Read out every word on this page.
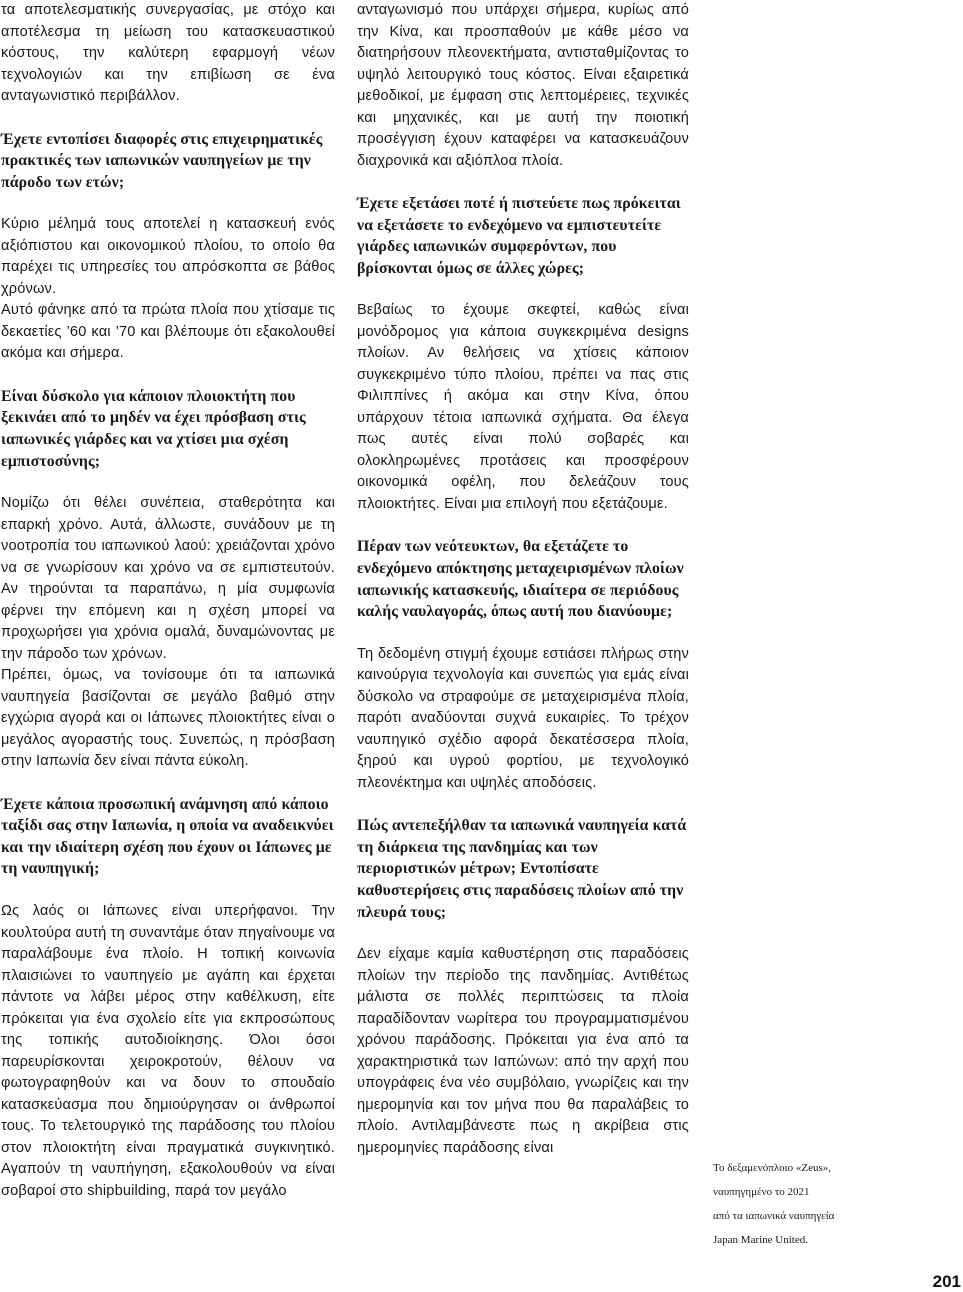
τα αποτελεσματικής συνεργασίας, με στόχο και αποτέλεσμα τη μείωση του κατασκευαστικού κόστους, την καλύτερη εφαρμογή νέων τεχνολογιών και την επιβίωση σε ένα ανταγωνιστικό περιβάλλον.

Έχετε εντοπίσει διαφορές στις επιχειρηματικές πρακτικές των ιαπωνικών ναυπηγείων με την πάροδο των ετών;

Κύριο μέλημά τους αποτελεί η κατασκευή ενός αξιόπιστου και οικονομικού πλοίου, το οποίο θα παρέχει τις υπηρεσίες του απρόσκοπτα σε βάθος χρόνων.

Αυτό φάνηκε από τα πρώτα πλοία που χτίσαμε τις δεκαετίες ’60 και ’70 και βλέπουμε ότι εξακολουθεί ακόμα και σήμερα.

Είναι δύσκολο για κάποιον πλοιοκτήτη που ξεκινάει από το μηδέν να έχει πρόσβαση στις ιαπωνικές γιάρδες και να χτίσει μια σχέση εμπιστοσύνης;

Νομίζω ότι θέλει συνέπεια, σταθερότητα και επαρκή χρόνο. Αυτά, άλλωστε, συνάδουν με τη νοοτροπία του ιαπωνικού λαού: χρειάζονται χρόνο να σε γνωρίσουν και χρόνο να σε εμπιστευτούν. Αν τηρούνται τα παραπάνω, η μία συμφωνία φέρνει την επόμενη και η σχέση μπορεί να προχωρήσει για χρόνια ομαλά, δυναμώνοντας με την πάροδο των χρόνων.

Πρέπει, όμως, να τονίσουμε ότι τα ιαπωνικά ναυπηγεία βασίζονται σε μεγάλο βαθμό στην εγχώρια αγορά και οι Ιάπωνες πλοιοκτήτες είναι ο μεγάλος αγοραστής τους. Συνεπώς, η πρόσβαση στην Ιαπωνία δεν είναι πάντα εύκολη.

Έχετε κάποια προσωπική ανάμνηση από κάποιο ταξίδι σας στην Ιαπωνία, η οποία να αναδεικνύει και την ιδιαίτερη σχέση που έχουν οι Ιάπωνες με τη ναυπηγική;

Ως λαός οι Ιάπωνες είναι υπερήφανοι. Την κουλτούρα αυτή τη συναντάμε όταν πηγαίνουμε να παραλάβουμε ένα πλοίο. Η τοπική κοινωνία πλαισιώνει το ναυπηγείο με αγάπη και έρχεται πάντοτε να λάβει μέρος στην καθέλκυση, είτε πρόκειται για ένα σχολείο είτε για εκπροσώπους της τοπικής αυτοδιοίκησης. Όλοι όσοι παρευρίσκονται χειροκροτούν, θέλουν να φωτογραφηθούν και να δουν το σπουδαίο κατασκεύασμα που δημιούργησαν οι άνθρωποί τους. Το τελετουργικό της παράδοσης του πλοίου στον πλοιοκτήτη είναι πραγματικά συγκινητικό. Αγαπούν τη ναυπήγηση, εξακολουθούν να είναι σοβαροί στο shipbuilding, παρά τον μεγάλο

ανταγωνισμό που υπάρχει σήμερα, κυρίως από την Κίνα, και προσπαθούν με κάθε μέσο να διατηρήσουν πλεονεκτήματα, αντισταθμίζοντας το υψηλό λειτουργικό τους κόστος. Είναι εξαιρετικά μεθοδικοί, με έμφαση στις λεπτομέρειες, τεχνικές και μηχανικές, και με αυτή την ποιοτική προσέγγιση έχουν καταφέρει να κατασκευάζουν διαχρονικά και αξιόπλοα πλοία.

Έχετε εξετάσει ποτέ ή πιστεύετε πως πρόκειται να εξετάσετε το ενδεχόμενο να εμπιστευτείτε γιάρδες ιαπωνικών συμφερόντων, που βρίσκονται όμως σε άλλες χώρες;

Βεβαίως το έχουμε σκεφτεί, καθώς είναι μονόδρομος για κάποια συγκεκριμένα designs πλοίων. Αν θελήσεις να χτίσεις κάποιον συγκεκριμένο τύπο πλοίου, πρέπει να πας στις Φιλιππίνες ή ακόμα και στην Κίνα, όπου υπάρχουν τέτοια ιαπωνικά σχήματα. Θα έλεγα πως αυτές είναι πολύ σοβαρές και ολοκληρωμένες προτάσεις και προσφέρουν οικονομικά οφέλη, που δελεάζουν τους πλοιοκτήτες. Είναι μια επιλογή που εξετάζουμε.

Πέραν των νεότευκτων, θα εξετάζετε το ενδεχόμενο απόκτησης μεταχειρισμένων πλοίων ιαπωνικής κατασκευής, ιδιαίτερα σε περιόδους καλής ναυλαγοράς, όπως αυτή που διανύουμε;

Τη δεδομένη στιγμή έχουμε εστιάσει πλήρως στην καινούργια τεχνολογία και συνεπώς για εμάς είναι δύσκολο να στραφούμε σε μεταχειρισμένα πλοία, παρότι αναδύονται συχνά ευκαιρίες. Το τρέχον ναυπηγικό σχέδιο αφορά δεκατέσσερα πλοία, ξηρού και υγρού φορτίου, με τεχνολογικό πλεονέκτημα και υψηλές αποδόσεις.

Πώς αντεπεξήλθαν τα ιαπωνικά ναυπηγεία κατά τη διάρκεια της πανδημίας και των περιοριστικών μέτρων; Εντοπίσατε καθυστερήσεις στις παραδόσεις πλοίων από την πλευρά τους;

Δεν είχαμε καμία καθυστέρηση στις παραδόσεις πλοίων την περίοδο της πανδημίας. Αντιθέτως μάλιστα σε πολλές περιπτώσεις τα πλοία παραδίδονταν νωρίτερα του προγραμματισμένου χρόνου παράδοσης. Πρόκειται για ένα από τα χαρακτηριστικά των Ιαπώνων: από την αρχή που υπογράφεις ένα νέο συμβόλαιο, γνωρίζεις και την ημερομηνία και τον μήνα που θα παραλάβεις το πλοίο. Αντιλαμβάνεστε πως η ακρίβεια στις ημερομηνίες παράδοσης είναι

Το δεξαμενόπλοιο «Zeus»,
ναυπηγημένο το 2021
από τα ιαπωνικά ναυπηγεία
Japan Marine United.
201
